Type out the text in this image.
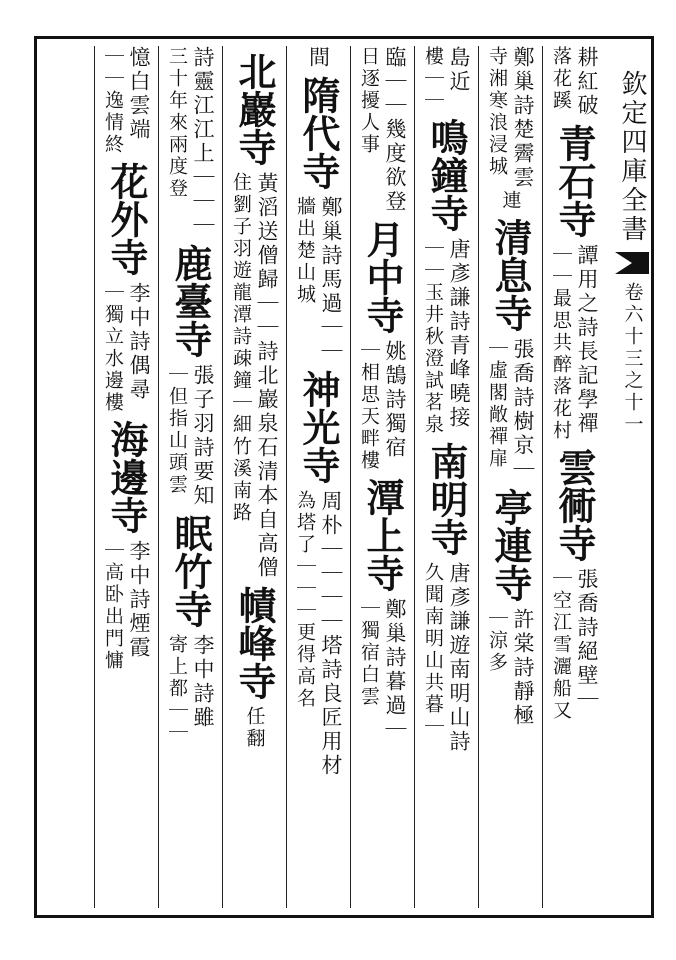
欽定四庫全書
卷六十三之十一
耕紅破
落花蹊
青石寺
譚用之詩長記學禪
｜｜最思共醉落花村
雲衕寺
張喬詩絕壁｜
｜空江雪灑船又
鄭巢詩楚霽雲
寺湘寒浪浸城
連
清息寺
張喬詩樹京｜
｜虛閣敞禪扉
亭連寺
許棠詩靜極
｜涼多
島近
樓｜｜
鳴鐘寺
唐彥謙詩青峰曉接
｜｜玉井秋澄試茗泉
南明寺
唐彥謙遊南明山詩
久聞南明山共暮｜
臨｜｜幾度欲登
日逐擾人事
月中寺
姚鵠詩獨宿
｜相思天畔樓
潭上寺
鄭巢詩暮過｜
｜獨宿白雲
間
隋代寺
鄭巢詩馬過｜｜
牆出楚山城
神光寺
周朴｜｜｜｜塔詩良匠用材
為塔了｜｜｜更得高名
北巖寺
黃滔送僧歸｜｜詩北巖泉石清本自高僧
住劉子羽遊龍潭詩疎鐘｜細竹溪南路
幘峰寺
任翻
詩靈江江上｜｜｜
三十年來兩度登
鹿臺寺
張子羽詩要知
｜但指山頭雲
眠竹寺
李中詩雖
寄上都｜｜
憶白雲端
｜｜逸情終
花外寺
李中詩偶尋
｜獨立水邊樓
海邊寺
李中詩煙霞
｜高卧出門慵
